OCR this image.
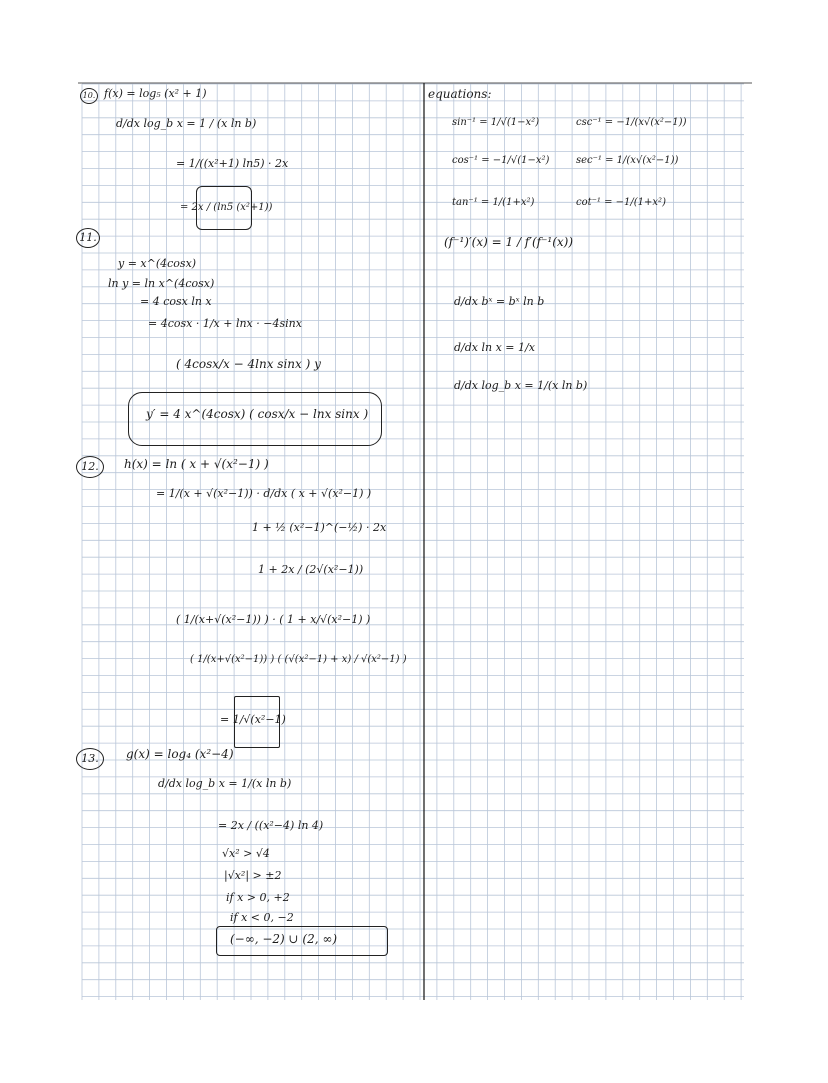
10. f(x) = log₅ (x² + 1)
d/dx log_b x = 1 / (x ln b)
= 1/((x²+1) ln5) · 2x
= 2x / (ln5 (x²+1))
11.
y = x^(4cosx)
ln y = ln x^(4cosx)
= 4 cosx ln x
= 4cosx · 1/x + lnx · −4sinx
( 4cosx/x − 4lnx sinx ) y
y′ = 4 x^(4cosx) ( cosx/x − lnx sinx )
12.	h(x) = ln ( x + √(x²−1) )
= 1/(x + √(x²−1)) · d/dx ( x + √(x²−1) )
1 + ½ (x²−1)^(−½) · 2x
1 + 2x / (2√(x²−1))
( 1/(x+√(x²−1)) ) · ( 1 + x/√(x²−1) )
( 1/(x+√(x²−1)) ) ( (√(x²−1) + x) / √(x²−1) )
= 1/√(x²−1)
13.	g(x) = log₄ (x²−4)
d/dx log_b x = 1/(x ln b)
= 2x / ((x²−4) ln 4)
√x² > √4
|√x²| > ±2
if x > 0, +2
if x < 0, −2
(−∞, −2) ∪ (2, ∞)
equations:
sin⁻¹ = 1/√(1−x²)	csc⁻¹ = −1/(x√(x²−1))
cos⁻¹ = −1/√(1−x²)	sec⁻¹ = 1/(x√(x²−1))
tan⁻¹ = 1/(1+x²)	cot⁻¹ = −1/(1+x²)
(f⁻¹)′(x) = 1 / f′(f⁻¹(x))
d/dx bˣ = bˣ ln b
d/dx ln x = 1/x
d/dx log_b x = 1/(x ln b)
